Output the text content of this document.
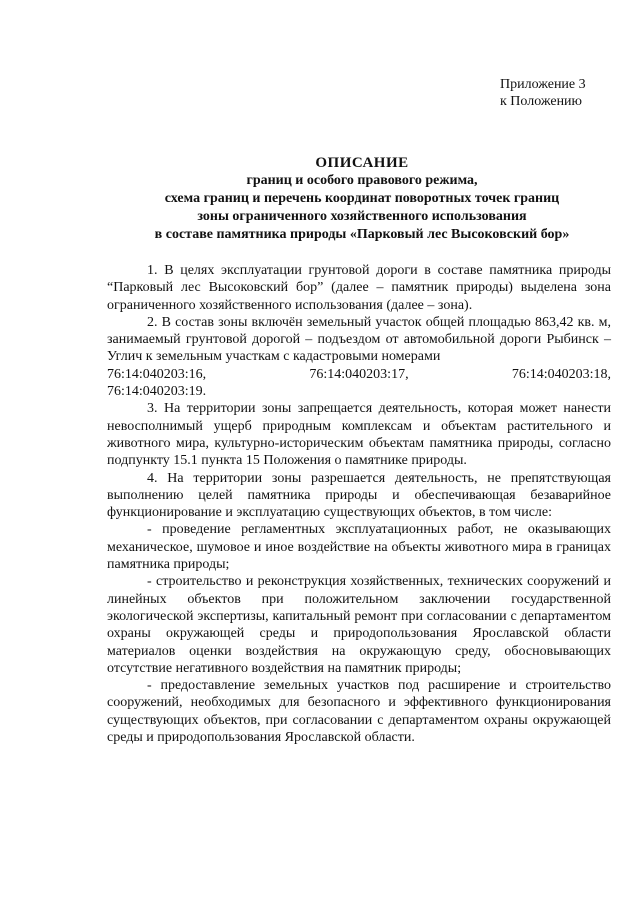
Приложение 3
к Положению
ОПИСАНИЕ
границ и особого правового режима,
схема границ и перечень координат поворотных точек границ
зоны ограниченного хозяйственного использования
в составе памятника природы «Парковый лес Высоковский бор»

1. В целях эксплуатации грунтовой дороги в составе памятника природы “Парковый лес Высоковский бор” (далее – памятник природы) выделена зона ограниченного хозяйственного использования (далее – зона).

2. В состав зоны включён земельный участок общей площадью 863,42 кв. м, занимаемый грунтовой дорогой – подъездом от автомобильной дороги Рыбинск – Углич к земельным участкам с кадастровыми номерами

76:14:040203:16,	76:14:040203:17,	76:14:040203:18,
76:14:040203:19.

3. На территории зоны запрещается деятельность, которая может нанести невосполнимый ущерб природным комплексам и объектам растительного и животного мира, культурно-историческим объектам памятника природы, согласно подпункту 15.1 пункта 15 Положения о памятнике природы.

4. На территории зоны разрешается деятельность, не препятствующая выполнению целей памятника природы и обеспечивающая безаварийное функционирование и эксплуатацию существующих объектов, в том числе:

- проведение регламентных эксплуатационных работ, не оказывающих механическое, шумовое и иное воздействие на объекты животного мира в границах памятника природы;

- строительство и реконструкция хозяйственных, технических сооружений и линейных объектов при положительном заключении государственной экологической экспертизы, капитальный ремонт при согласовании с департаментом охраны окружающей среды и природопользования Ярославской области материалов оценки воздействия на окружающую среду, обосновывающих отсутствие негативного воздействия на памятник природы;

- предоставление земельных участков под расширение и строительство сооружений, необходимых для безопасного и эффективного функционирования существующих объектов, при согласовании с департаментом охраны окружающей среды и природопользования Ярославской области.
